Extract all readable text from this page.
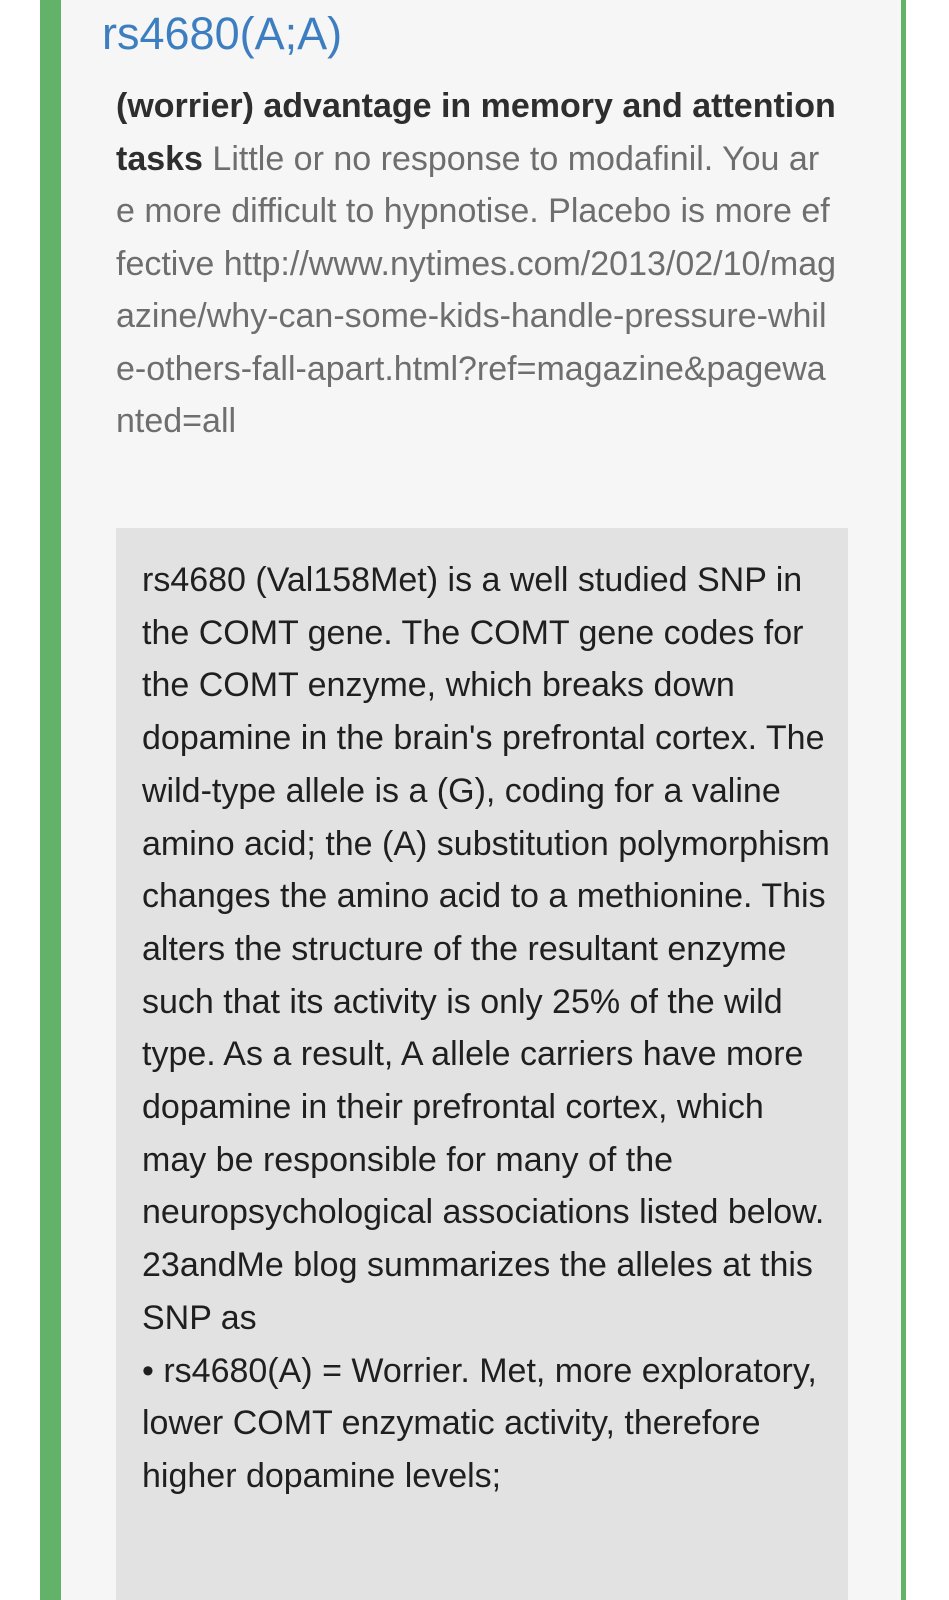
rs4680(A;A)
(worrier) advantage in memory and attention tasks Little or no response to modafinil. You are more difficult to hypnotise. Placebo is more effective http://www.nytimes.com/2013/02/10/magazine/why-can-some-kids-handle-pressure-while-others-fall-apart.html?ref=magazine&pagewanted=all
rs4680 (Val158Met) is a well studied SNP in the COMT gene. The COMT gene codes for the COMT enzyme, which breaks down dopamine in the brain's prefrontal cortex. The wild-type allele is a (G), coding for a valine amino acid; the (A) substitution polymorphism changes the amino acid to a methionine. This alters the structure of the resultant enzyme such that its activity is only 25% of the wild type. As a result, A allele carriers have more dopamine in their prefrontal cortex, which may be responsible for many of the neuropsychological associations listed below. 23andMe blog summarizes the alleles at this SNP as
• rs4680(A) = Worrier. Met, more exploratory, lower COMT enzymatic activity, therefore higher dopamine levels;
